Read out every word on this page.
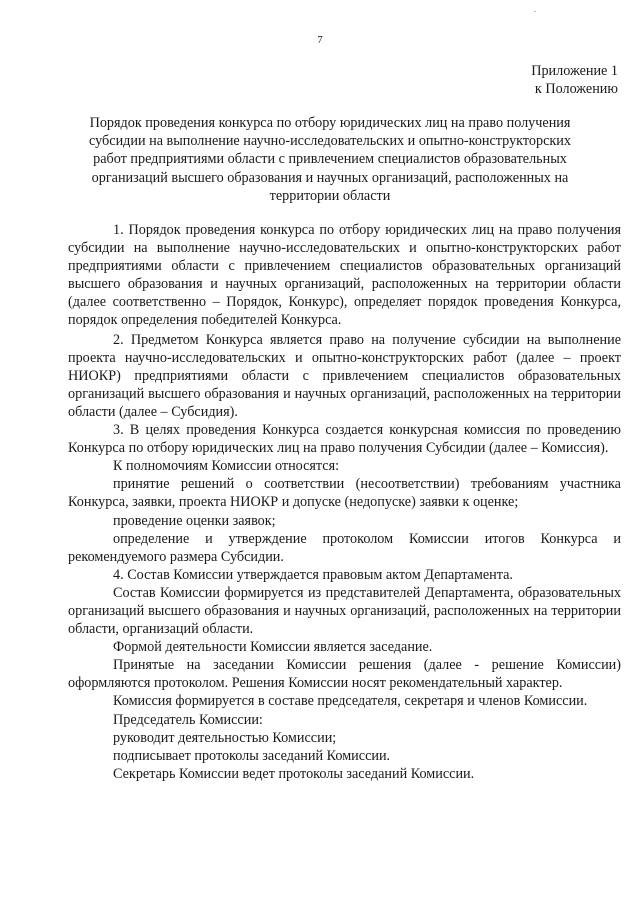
.
7
Приложение 1
к Положению
Порядок проведения конкурса по отбору юридических лиц на право получения субсидии на выполнение научно-исследовательских и опытно-конструкторских работ предприятиями области с привлечением специалистов образовательных организаций высшего образования и научных организаций, расположенных на территории области

1. Порядок проведения конкурса по отбору юридических лиц на право получения субсидии на выполнение научно-исследовательских и опытно-конструкторских работ предприятиями области с привлечением специалистов образовательных организаций высшего образования и научных организаций, расположенных на территории области (далее соответственно – Порядок, Конкурс), определяет порядок проведения Конкурса, порядок определения победителей Конкурса.

2. Предметом Конкурса является право на получение субсидии на выполнение проекта научно-исследовательских и опытно-конструкторских работ (далее – проект НИОКР) предприятиями области с привлечением специалистов образовательных организаций высшего образования и научных организаций, расположенных на территории области (далее – Субсидия).

3. В целях проведения Конкурса создается конкурсная комиссия по проведению Конкурса по отбору юридических лиц на право получения Субсидии (далее – Комиссия).

К полномочиям Комиссии относятся:

принятие решений о соответствии (несоответствии) требованиям участника Конкурса, заявки, проекта НИОКР и допуске (недопуске) заявки к оценке;

проведение оценки заявок;

определение и утверждение протоколом Комиссии итогов Конкурса и рекомендуемого размера Субсидии.

4. Состав Комиссии утверждается правовым актом Департамента.

Состав Комиссии формируется из представителей Департамента, образовательных организаций высшего образования и научных организаций, расположенных на территории области, организаций области.

Формой деятельности Комиссии является заседание.

Принятые на заседании Комиссии решения (далее - решение Комиссии) оформляются протоколом. Решения Комиссии носят рекомендательный характер.

Комиссия формируется в составе председателя, секретаря и членов Комиссии.

Председатель Комиссии:

руководит деятельностью Комиссии;

подписывает протоколы заседаний Комиссии.

Секретарь Комиссии ведет протоколы заседаний Комиссии.
